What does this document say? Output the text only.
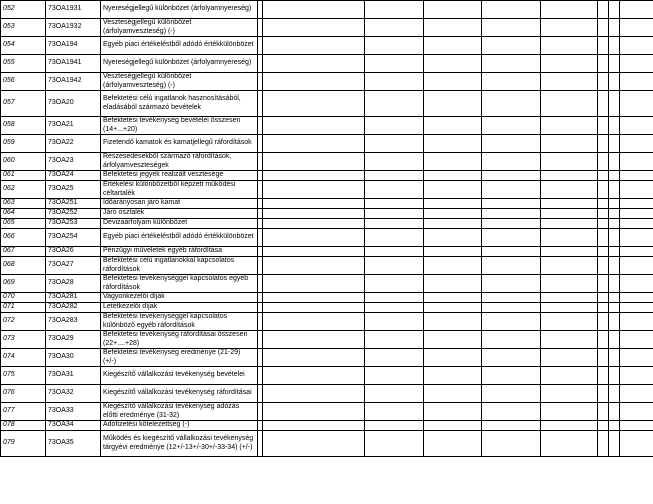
052	73OA1931	Nyereségjellegű különbözet (árfolyamnyereség)									
053	73OA1932	Veszteségjellegű különbözet (árfolyamveszteség) (-)									
054	73OA194	Egyéb piaci értékeléstből adódó értékkülönbözet									
055	73OA1941	Nyereségjellegű különbözet (árfolyamnyereség)									
056	73OA1942	Veszteségjellegű különbözet (árfolyamveszteség) (-)									
057	73OA20	Befektetési célú ingatlanok hasznosításából, eladásából származó bevételek									
058	73OA21	Befektetési tevékenység bevételei összesen (14+...+20)									
059	73OA22	Fizetendő kamatok és kamatjellegű ráfordítások									
060	73OA23	Részesedésekből származó ráfordítások, árfolyamveszteségek									
061	73OA24	Befektetési jegyek realizált vesztesége									
062	73OA25	Értékelési különbözetből képzett működési céltartalék									
063	73OA251	Időarányosan járó kamat									
064	73OA252	Járó osztalék									
065	73OA253	Devizaárfolyam különbözet									
066	73OA254	Egyéb piaci értékeléstből adódó értékkülönbözet									
067	73OA26	Pénzügyi műveletek egyéb ráfordítása									
068	73OA27	Befektetési célú ingatlanokkal kapcsolatos ráfordítások									
069	73OA28	Befektetési tevékenységgel kapcsolatos egyéb ráfordítások									
070	73OA281	Vagyonkezelői díjak									
071	73OA282	Letétkezelői díjak									
072	73OA283	Befektetési tevékenységgel kapcsolatos különböző egyéb ráfordítások									
073	73OA29	Befektetési tevékenység ráfordításai összesen (22+....+28)									
074	73OA30	Befektetési tevékenység eredménye (21-29) (+/-)									
075	73OA31	Kiegészítő vállalkozási tevékenység bevételei									
076	73OA32	Kiegészítő vállalkozási tevékenység ráfordításai									
077	73OA33	Kiegészítő vállalkozási tevékenység adózás előtti eredménye (31-32)									
078	73OA34	Adófizetési kötelezettség (-)									
079	73OA35	Működés és kiegészítő vállalkozási tevékenység tárgyévi eredménye (12+/-13+/-30+/-33-34) (+/-)									
